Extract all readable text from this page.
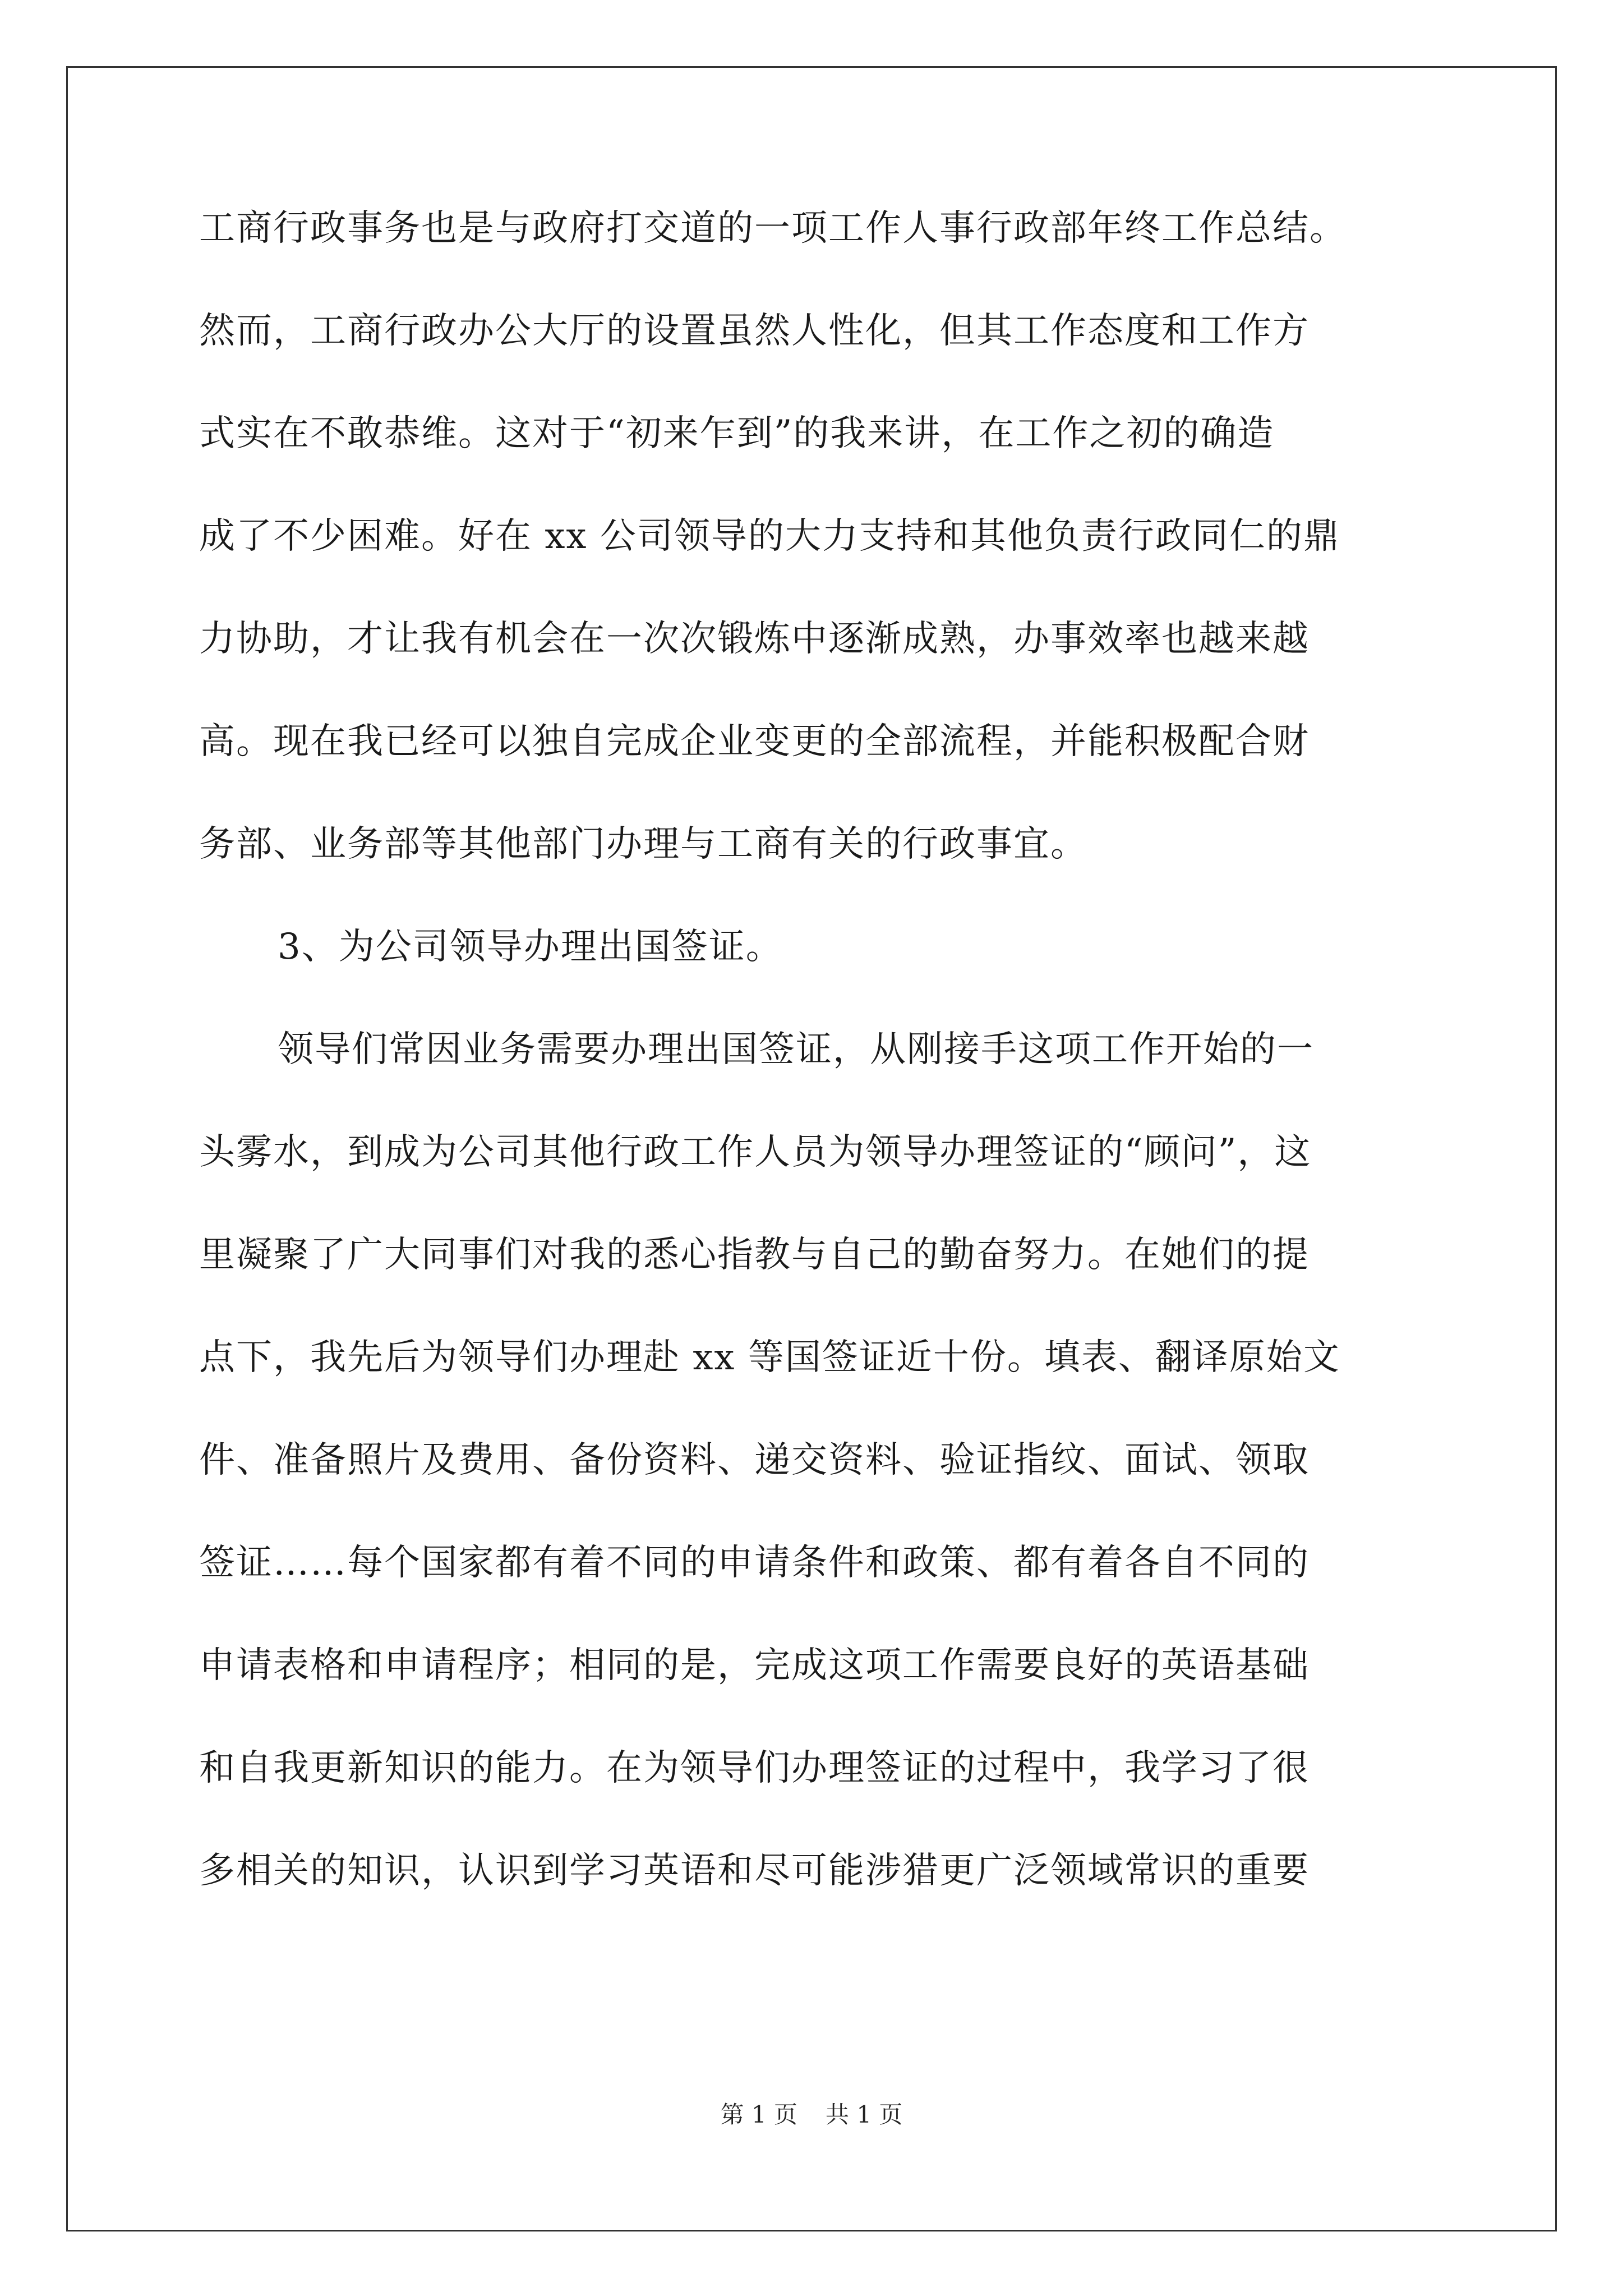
工商行政事务也是与政府打交道的一项工作人事行政部年终工作总结。
然而，工商行政办公大厅的设置虽然人性化，但其工作态度和工作方
式实在不敢恭维。这对于“初来乍到”的我来讲，在工作之初的确造
成了不少困难。好在 xx 公司领导的大力支持和其他负责行政同仁的鼎
力协助，才让我有机会在一次次锻炼中逐渐成熟，办事效率也越来越
高。现在我已经可以独自完成企业变更的全部流程，并能积极配合财
务部、业务部等其他部门办理与工商有关的行政事宜。
3、为公司领导办理出国签证。
领导们常因业务需要办理出国签证，从刚接手这项工作开始的一
头雾水，到成为公司其他行政工作人员为领导办理签证的“顾问”，这
里凝聚了广大同事们对我的悉心指教与自己的勤奋努力。在她们的提
点下，我先后为领导们办理赴 xx 等国签证近十份。填表、翻译原始文
件、准备照片及费用、备份资料、递交资料、验证指纹、面试、领取
签证……每个国家都有着不同的申请条件和政策、都有着各自不同的
申请表格和申请程序；相同的是，完成这项工作需要良好的英语基础
和自我更新知识的能力。在为领导们办理签证的过程中，我学习了很
多相关的知识，认识到学习英语和尽可能涉猎更广泛领域常识的重要
第 1 页 共 1 页
